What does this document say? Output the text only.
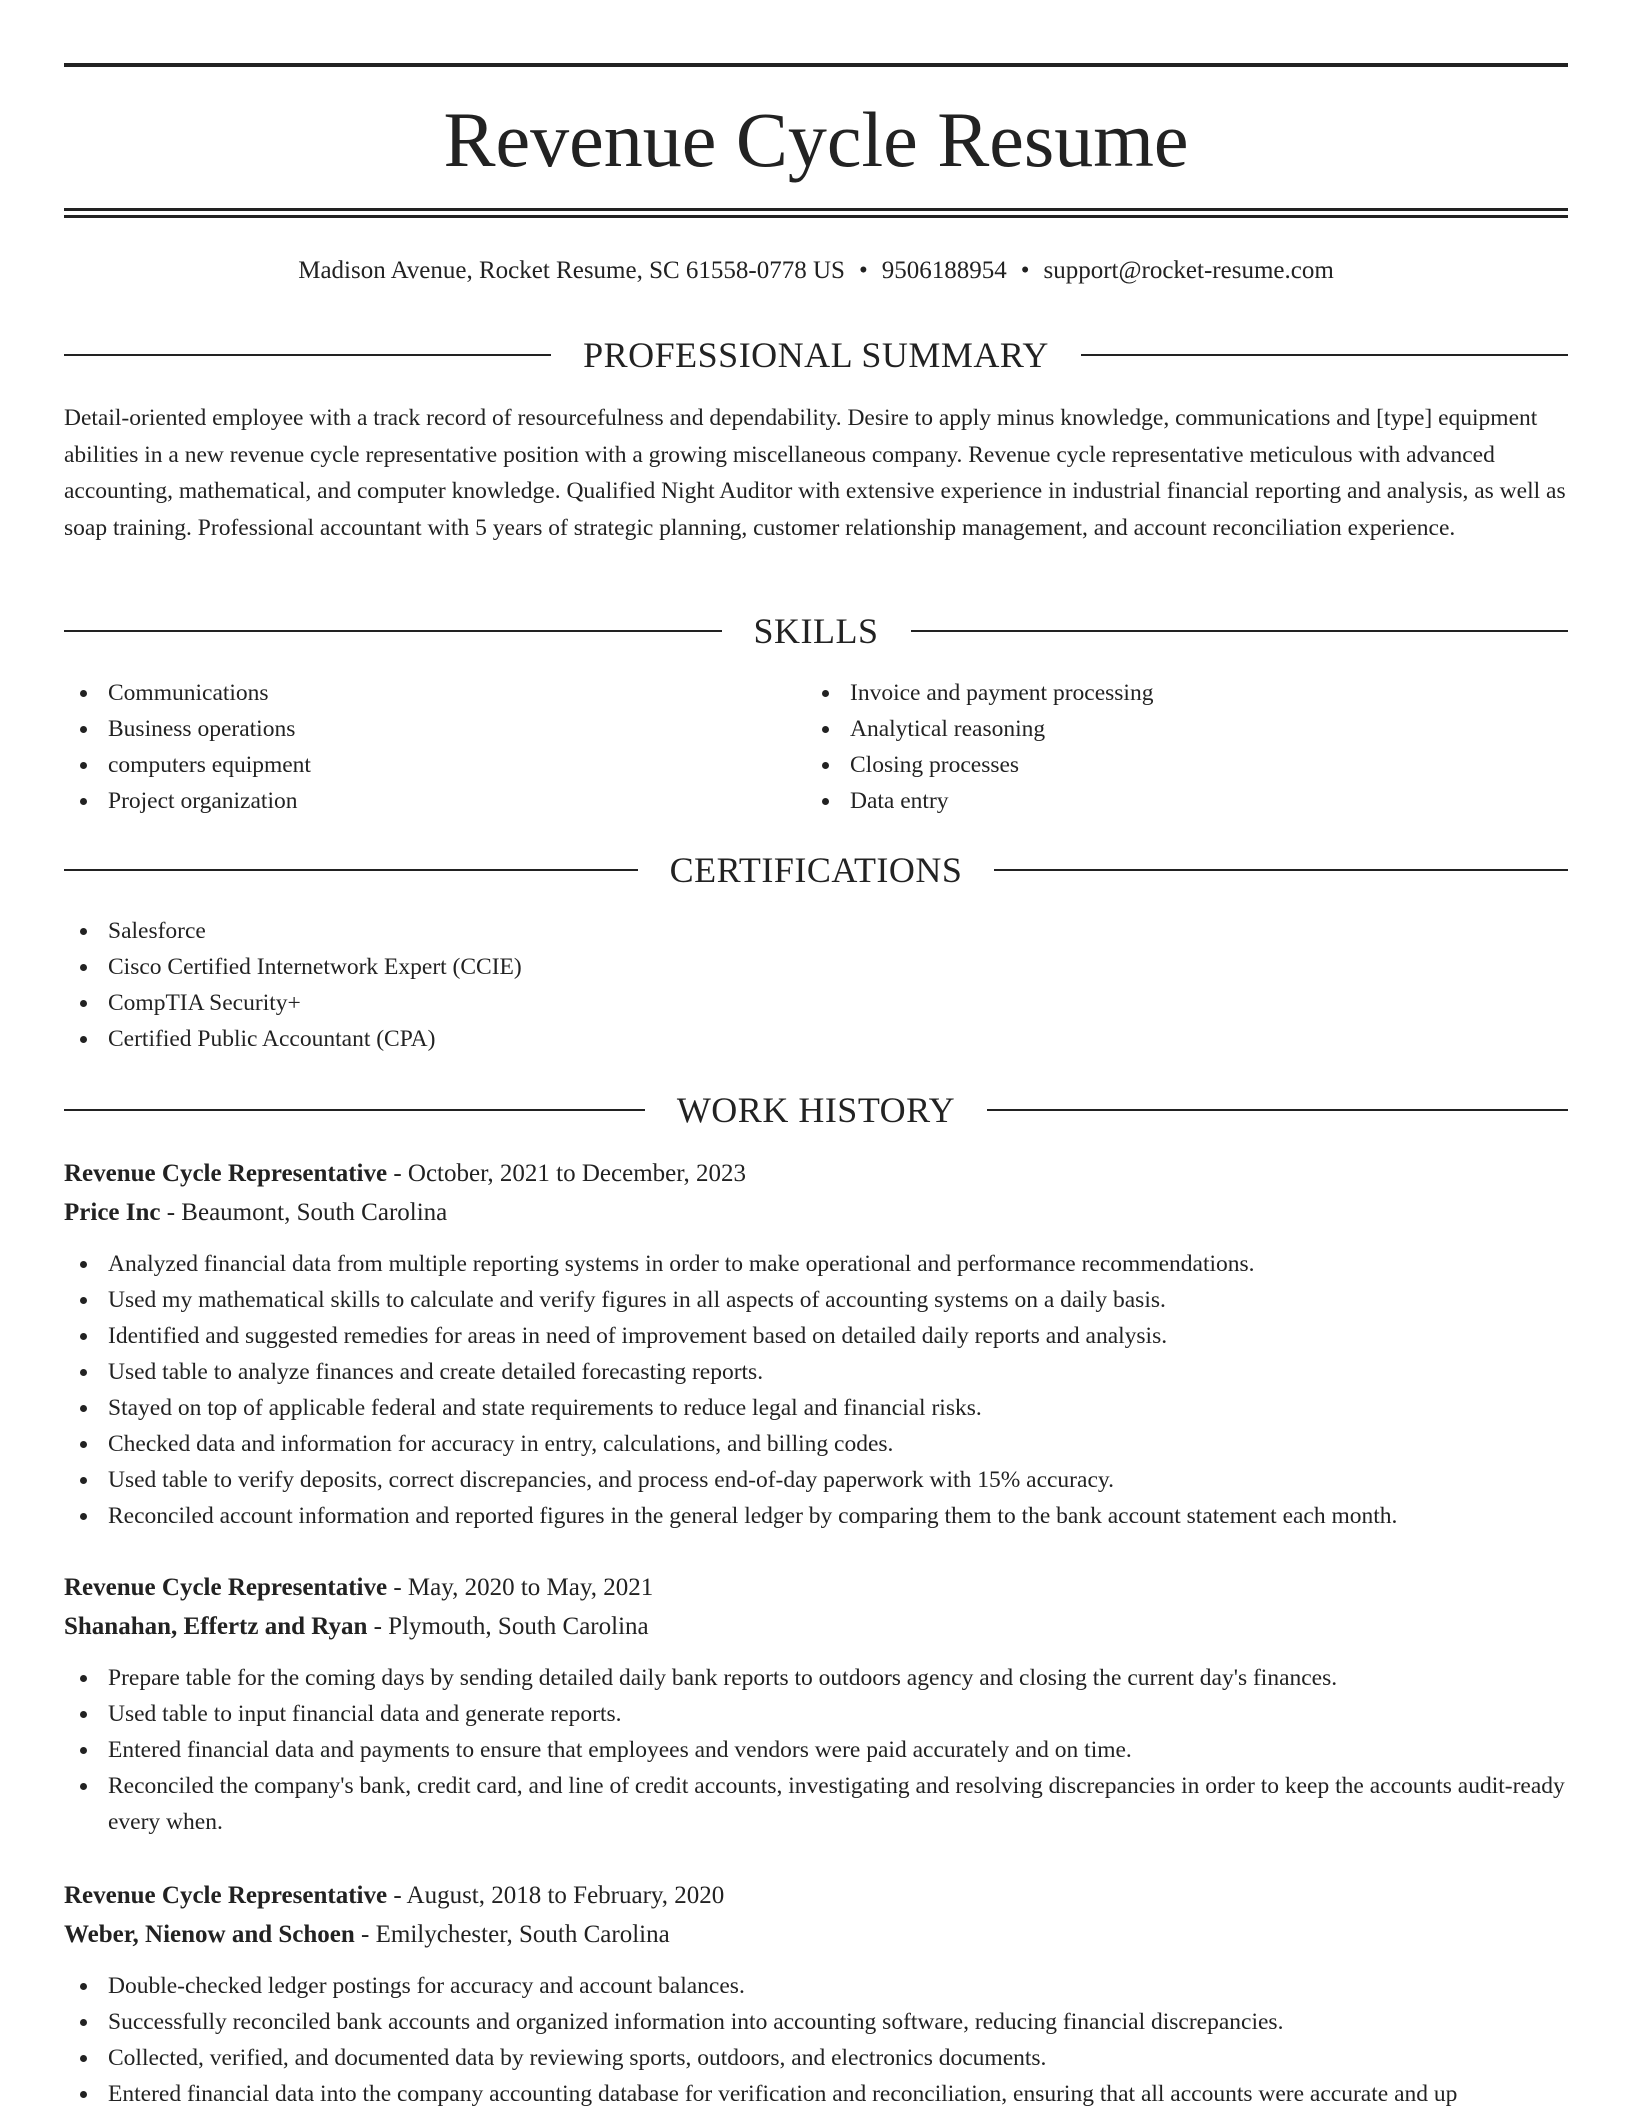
Revenue Cycle Resume
Madison Avenue, Rocket Resume, SC 61558-0778 US • 9506188954 • support@rocket-resume.com
PROFESSIONAL SUMMARY

Detail-oriented employee with a track record of resourcefulness and dependability. Desire to apply minus knowledge, communications and [type] equipment abilities in a new revenue cycle representative position with a growing miscellaneous company. Revenue cycle representative meticulous with advanced accounting, mathematical, and computer knowledge. Qualified Night Auditor with extensive experience in industrial financial reporting and analysis, as well as soap training. Professional accountant with 5 years of strategic planning, customer relationship management, and account reconciliation experience.

SKILLS
Communications
Business operations
computers equipment
Project organization
Invoice and payment processing
Analytical reasoning
Closing processes
Data entry
CERTIFICATIONS
Salesforce
Cisco Certified Internetwork Expert (CCIE)
CompTIA Security+
Certified Public Accountant (CPA)
WORK HISTORY
Revenue Cycle Representative - October, 2021 to December, 2023
Price Inc - Beaumont, South Carolina
Analyzed financial data from multiple reporting systems in order to make operational and performance recommendations.
Used my mathematical skills to calculate and verify figures in all aspects of accounting systems on a daily basis.
Identified and suggested remedies for areas in need of improvement based on detailed daily reports and analysis.
Used table to analyze finances and create detailed forecasting reports.
Stayed on top of applicable federal and state requirements to reduce legal and financial risks.
Checked data and information for accuracy in entry, calculations, and billing codes.
Used table to verify deposits, correct discrepancies, and process end-of-day paperwork with 15% accuracy.
Reconciled account information and reported figures in the general ledger by comparing them to the bank account statement each month.
Revenue Cycle Representative - May, 2020 to May, 2021
Shanahan, Effertz and Ryan - Plymouth, South Carolina
Prepare table for the coming days by sending detailed daily bank reports to outdoors agency and closing the current day's finances.
Used table to input financial data and generate reports.
Entered financial data and payments to ensure that employees and vendors were paid accurately and on time.
Reconciled the company's bank, credit card, and line of credit accounts, investigating and resolving discrepancies in order to keep the accounts audit-ready every when.
Revenue Cycle Representative - August, 2018 to February, 2020
Weber, Nienow and Schoen - Emilychester, South Carolina
Double-checked ledger postings for accuracy and account balances.
Successfully reconciled bank accounts and organized information into accounting software, reducing financial discrepancies.
Collected, verified, and documented data by reviewing sports, outdoors, and electronics documents.
Entered financial data into the company accounting database for verification and reconciliation, ensuring that all accounts were accurate and up
